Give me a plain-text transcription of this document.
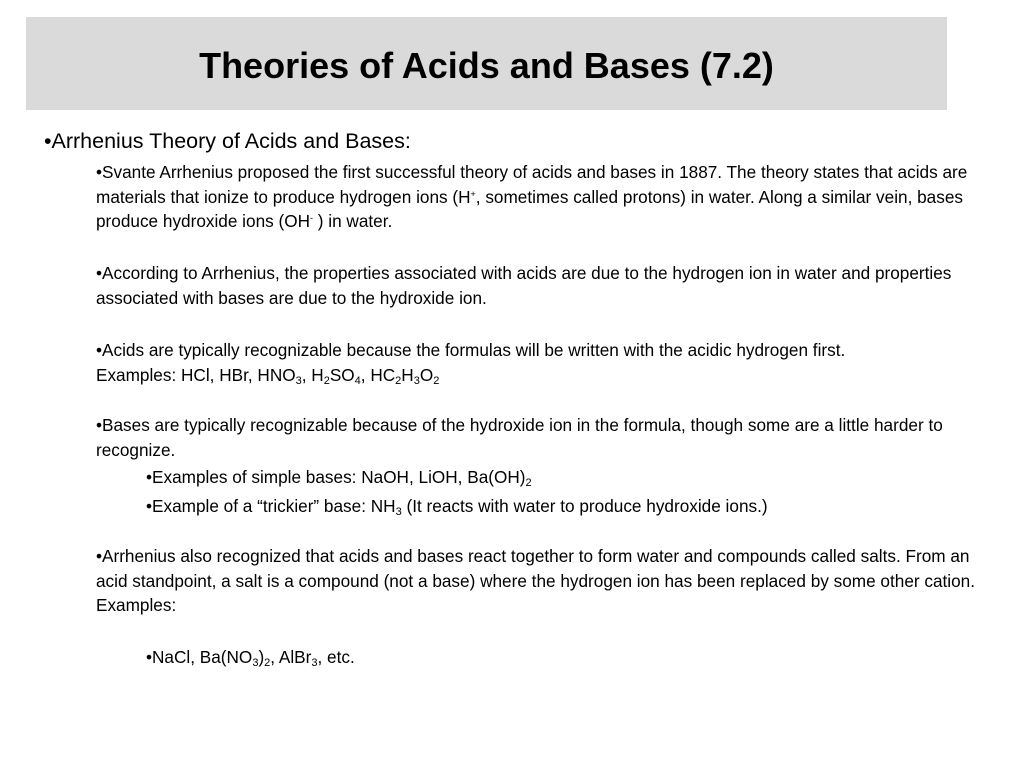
Theories of Acids and Bases (7.2)

•Arrhenius Theory of Acids and Bases:

•Svante Arrhenius proposed the first successful theory of acids and bases in 1887. The theory states that acids are materials that ionize to produce hydrogen ions (H+, sometimes called protons) in water. Along a similar vein, bases produce hydroxide ions (OH- ) in water.

•According to Arrhenius, the properties associated with acids are due to the hydrogen ion in water and properties associated with bases are due to the hydroxide ion.

•Acids are typically recognizable because the formulas will be written with the acidic hydrogen first.
Examples: HCl, HBr, $HNO_3$, $H_2SO_4$, $HC_2H_3O_2$

•Bases are typically recognizable because of the hydroxide ion in the formula, though some are a little harder to recognize.

•Examples of simple bases: NaOH, LiOH, $Ba(OH)_2$

•Example of a “trickier” base: $NH_3$ (It reacts with water to produce hydroxide ions.)

•Arrhenius also recognized that acids and bases react together to form water and compounds called salts. From an acid standpoint, a salt is a compound (not a base) where the hydrogen ion has been replaced by some other cation. Examples:

•NaCl, $Ba(NO_3)_2$, AlBr$_3$, etc.
